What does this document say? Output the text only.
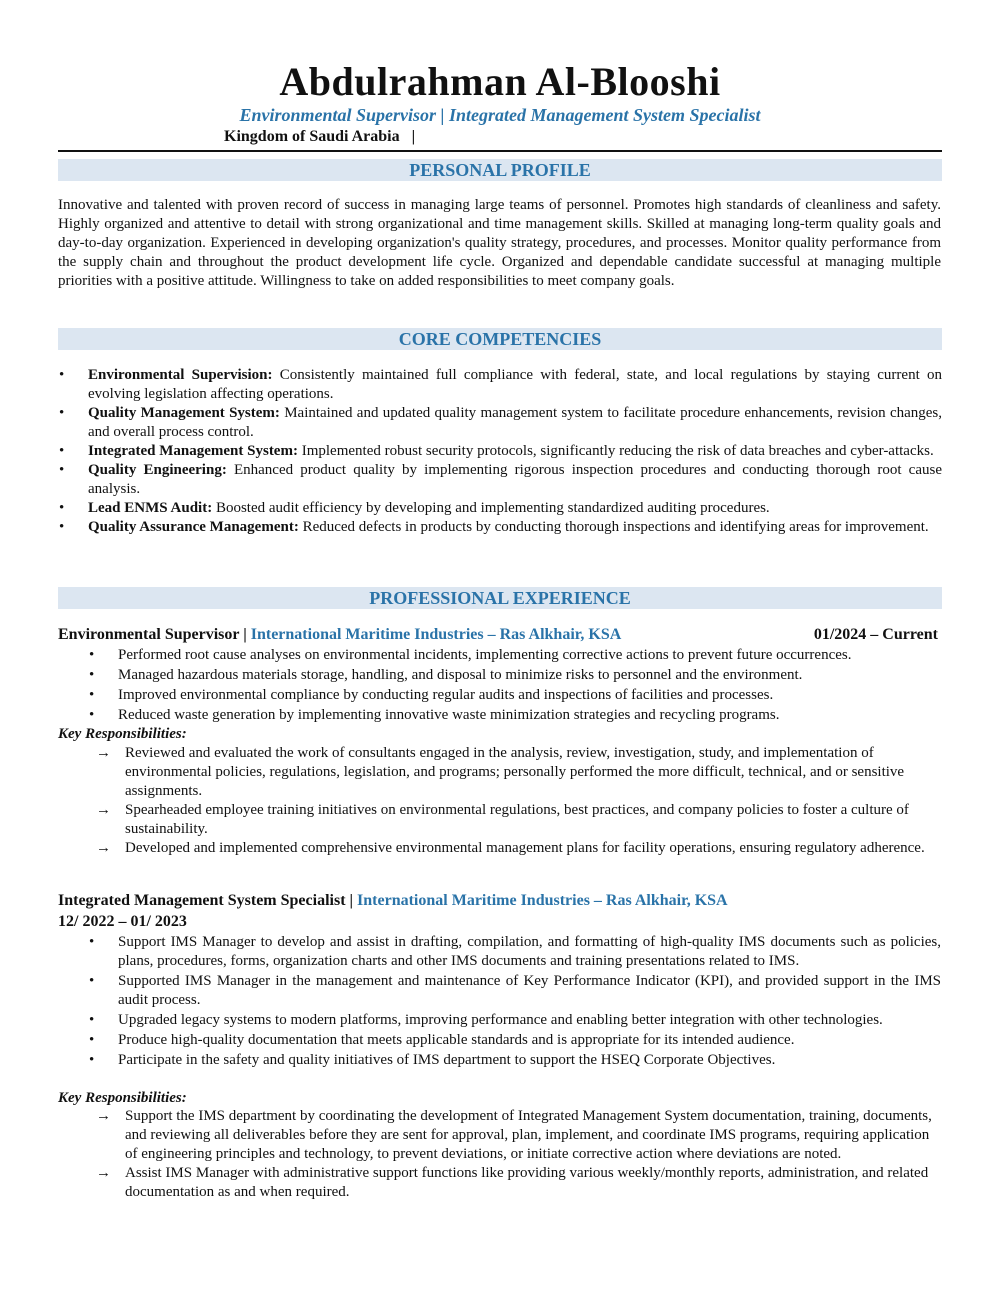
Abdulrahman Al-Blooshi
Environmental Supervisor | Integrated Management System Specialist
Kingdom of Saudi Arabia   |
PERSONAL PROFILE
Innovative and talented with proven record of success in managing large teams of personnel. Promotes high standards of cleanliness and safety. Highly organized and attentive to detail with strong organizational and time management skills. Skilled at managing long-term quality goals and day-to-day organization. Experienced in developing organization's quality strategy, procedures, and processes. Monitor quality performance from the supply chain and throughout the product development life cycle. Organized and dependable candidate successful at managing multiple priorities with a positive attitude. Willingness to take on added responsibilities to meet company goals.
CORE COMPETENCIES
• Environmental Supervision: Consistently maintained full compliance with federal, state, and local regulations by staying current on evolving legislation affecting operations.
• Quality Management System: Maintained and updated quality management system to facilitate procedure enhancements, revision changes, and overall process control.
• Integrated Management System: Implemented robust security protocols, significantly reducing the risk of data breaches and cyber-attacks.
• Quality Engineering: Enhanced product quality by implementing rigorous inspection procedures and conducting thorough root cause analysis.
• Lead ENMS Audit: Boosted audit efficiency by developing and implementing standardized auditing procedures.
• Quality Assurance Management: Reduced defects in products by conducting thorough inspections and identifying areas for improvement.
PROFESSIONAL EXPERIENCE
Environmental Supervisor | International Maritime Industries – Ras Alkhair, KSA	01/2024 – Current
• Performed root cause analyses on environmental incidents, implementing corrective actions to prevent future occurrences.
• Managed hazardous materials storage, handling, and disposal to minimize risks to personnel and the environment.
• Improved environmental compliance by conducting regular audits and inspections of facilities and processes.
• Reduced waste generation by implementing innovative waste minimization strategies and recycling programs.
Key Responsibilities:
→ Reviewed and evaluated the work of consultants engaged in the analysis, review, investigation, study, and implementation of environmental policies, regulations, legislation, and programs; personally performed the more difficult, technical, and or sensitive assignments.
→ Spearheaded employee training initiatives on environmental regulations, best practices, and company policies to foster a culture of sustainability.
→ Developed and implemented comprehensive environmental management plans for facility operations, ensuring regulatory adherence.
Integrated Management System Specialist | International Maritime Industries – Ras Alkhair, KSA
12/ 2022 – 01/ 2023
• Support IMS Manager to develop and assist in drafting, compilation, and formatting of high-quality IMS documents such as policies, plans, procedures, forms, organization charts and other IMS documents and training presentations related to IMS.
• Supported IMS Manager in the management and maintenance of Key Performance Indicator (KPI), and provided support in the IMS audit process.
• Upgraded legacy systems to modern platforms, improving performance and enabling better integration with other technologies.
• Produce high-quality documentation that meets applicable standards and is appropriate for its intended audience.
• Participate in the safety and quality initiatives of IMS department to support the HSEQ Corporate Objectives.
Key Responsibilities:
→ Support the IMS department by coordinating the development of Integrated Management System documentation, training, documents, and reviewing all deliverables before they are sent for approval, plan, implement, and coordinate IMS programs, requiring application of engineering principles and technology, to prevent deviations, or initiate corrective action where deviations are noted.
→ Assist IMS Manager with administrative support functions like providing various weekly/monthly reports, administration, and related documentation as and when required.
